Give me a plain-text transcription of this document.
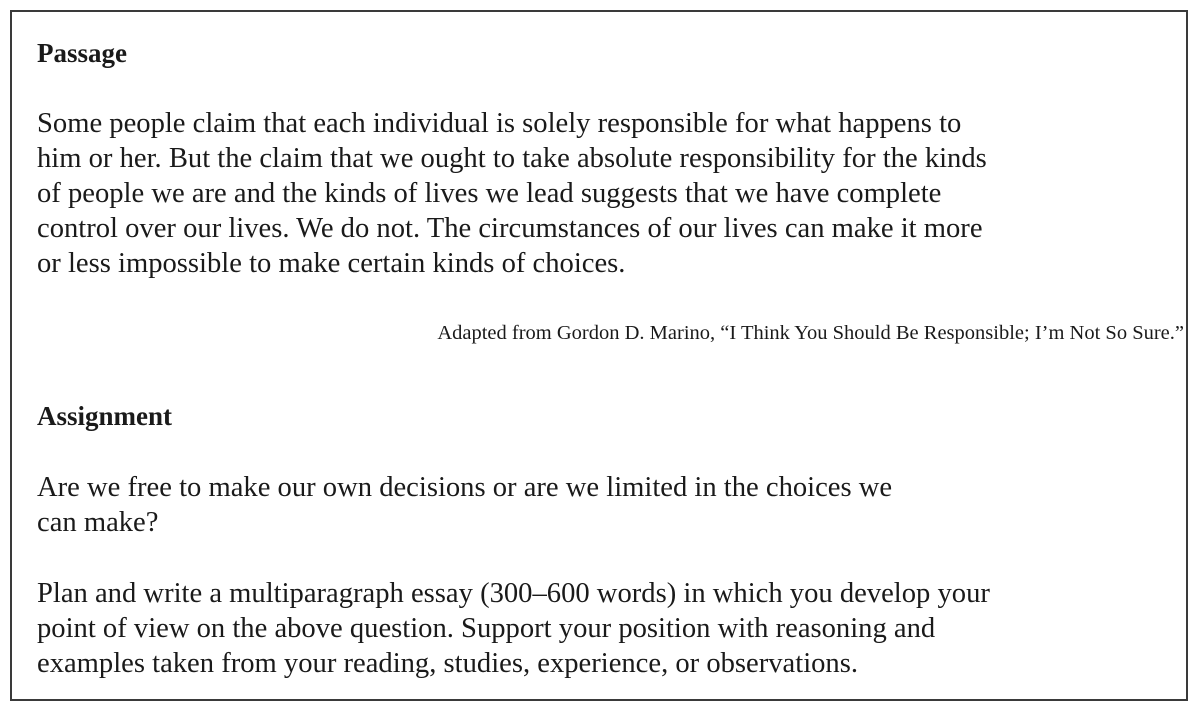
Passage
Some people claim that each individual is solely responsible for what happens to
him or her. But the claim that we ought to take absolute responsibility for the kinds
of people we are and the kinds of lives we lead suggests that we have complete
control over our lives. We do not. The circumstances of our lives can make it more
or less impossible to make certain kinds of choices.
Adapted from Gordon D. Marino, “I Think You Should Be Responsible; I’m Not So Sure.”
Assignment
Are we free to make our own decisions or are we limited in the choices we
can make?
Plan and write a multiparagraph essay (300–600 words) in which you develop your
point of view on the above question. Support your position with reasoning and
examples taken from your reading, studies, experience, or observations.
